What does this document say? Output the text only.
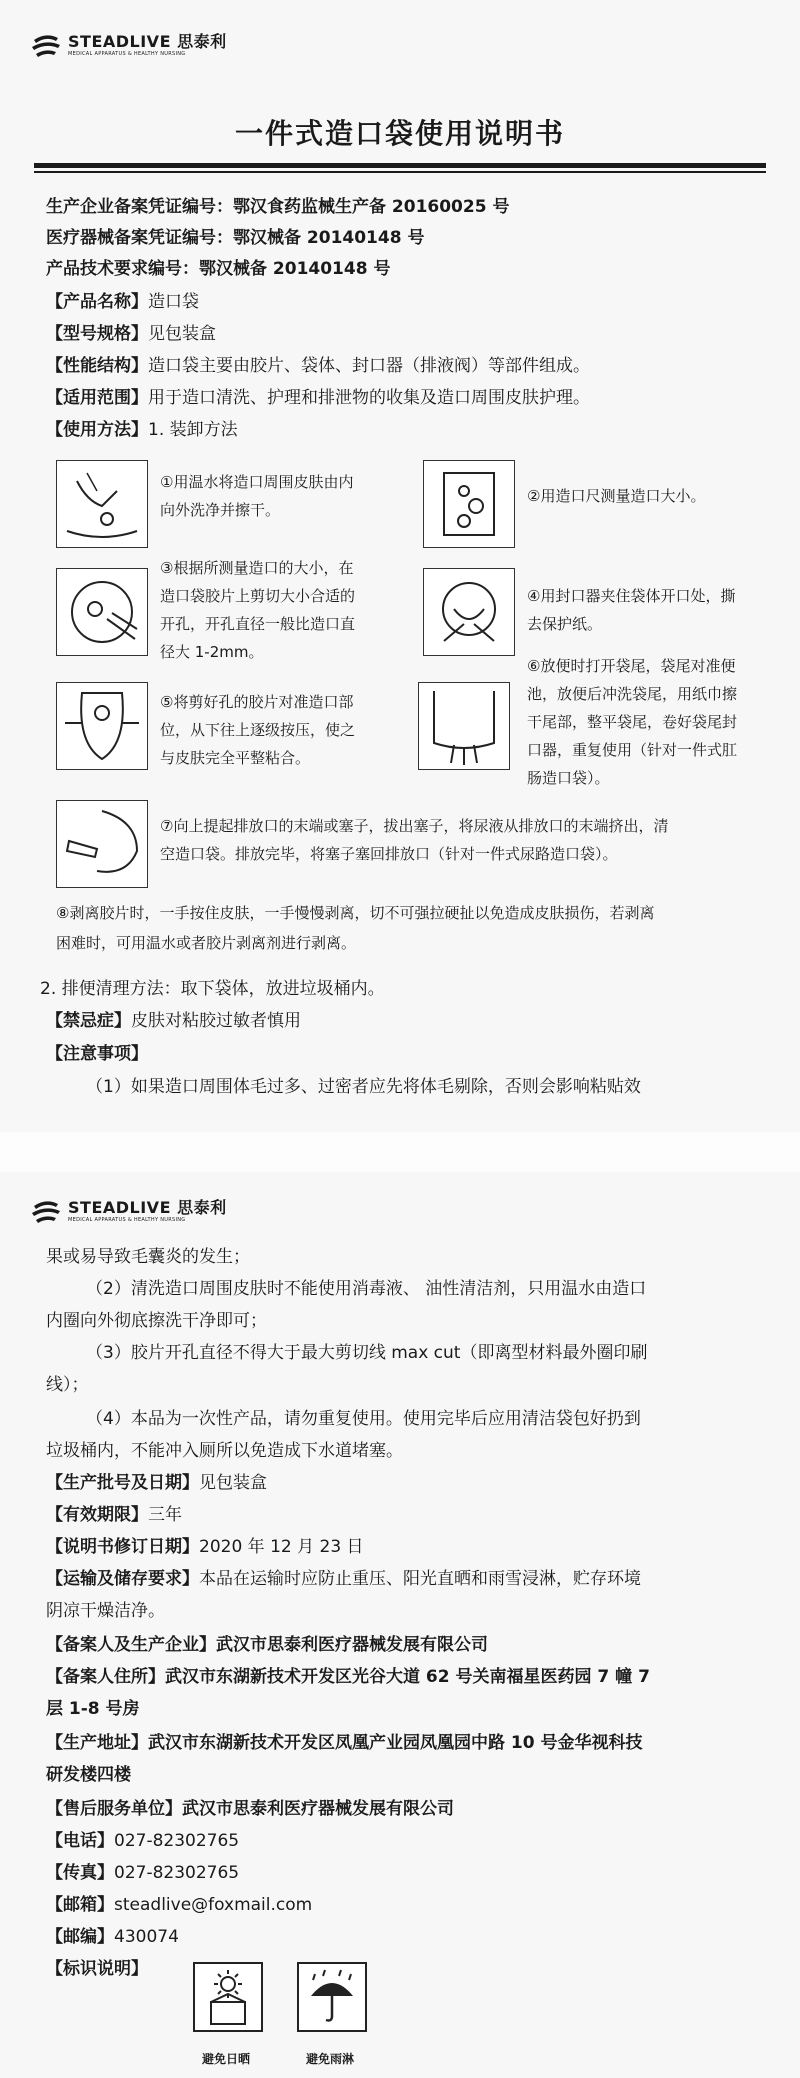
STEADLIVE 思泰利
MEDICAL APPARATUS & HEALTHY NURSING
一件式造口袋使用说明书
生产企业备案凭证编号：鄂汉食药监械生产备 20160025 号
医疗器械备案凭证编号：鄂汉械备 20140148 号
产品技术要求编号：鄂汉械备 20140148 号
【产品名称】造口袋
【型号规格】见包装盒
【性能结构】造口袋主要由胶片、袋体、封口器（排液阀）等部件组成。
【适用范围】用于造口清洗、护理和排泄物的收集及造口周围皮肤护理。
【使用方法】1. 装卸方法
①用温水将造口周围皮肤由内
向外洗净并擦干。
②用造口尺测量造口大小。
③根据所测量造口的大小，在
造口袋胶片上剪切大小合适的
开孔，开孔直径一般比造口直
径大 1-2mm。
④用封口器夹住袋体开口处，撕
去保护纸。
⑤将剪好孔的胶片对准造口部
位，从下往上逐级按压，使之
与皮肤完全平整粘合。
⑥放便时打开袋尾，袋尾对准便
池，放便后冲洗袋尾，用纸巾擦
干尾部，整平袋尾，卷好袋尾封
口器，重复使用（针对一件式肛
肠造口袋）。
⑦向上提起排放口的末端或塞子，拔出塞子，将尿液从排放口的末端挤出，清
空造口袋。排放完毕，将塞子塞回排放口（针对一件式尿路造口袋）。
⑧剥离胶片时，一手按住皮肤，一手慢慢剥离，切不可强拉硬扯以免造成皮肤损伤，若剥离
困难时，可用温水或者胶片剥离剂进行剥离。
2. 排便清理方法：取下袋体，放进垃圾桶内。
【禁忌症】皮肤对粘胶过敏者慎用
【注意事项】
（1）如果造口周围体毛过多、过密者应先将体毛剔除，否则会影响粘贴效
STEADLIVE 思泰利
MEDICAL APPARATUS & HEALTHY NURSING
果或易导致毛囊炎的发生；
（2）清洗造口周围皮肤时不能使用消毒液、 油性清洁剂，只用温水由造口
内圈向外彻底擦洗干净即可；
（3）胶片开孔直径不得大于最大剪切线 max cut（即离型材料最外圈印刷
线）；
（4）本品为一次性产品，请勿重复使用。使用完毕后应用清洁袋包好扔到
垃圾桶内，不能冲入厕所以免造成下水道堵塞。
【生产批号及日期】见包装盒
【有效期限】三年
【说明书修订日期】2020 年 12 月 23 日
【运输及储存要求】本品在运输时应防止重压、阳光直晒和雨雪浸淋，贮存环境
阴凉干燥洁净。
【备案人及生产企业】武汉市思泰利医疗器械发展有限公司
【备案人住所】武汉市东湖新技术开发区光谷大道 62 号关南福星医药园 7 幢 7
层 1-8 号房
【生产地址】武汉市东湖新技术开发区凤凰产业园凤凰园中路 10 号金华视科技
研发楼四楼
【售后服务单位】武汉市思泰利医疗器械发展有限公司
【电话】027-82302765
【传真】027-82302765
【邮箱】steadlive@foxmail.com
【邮编】430074
【标识说明】
避免日晒	避免雨淋
